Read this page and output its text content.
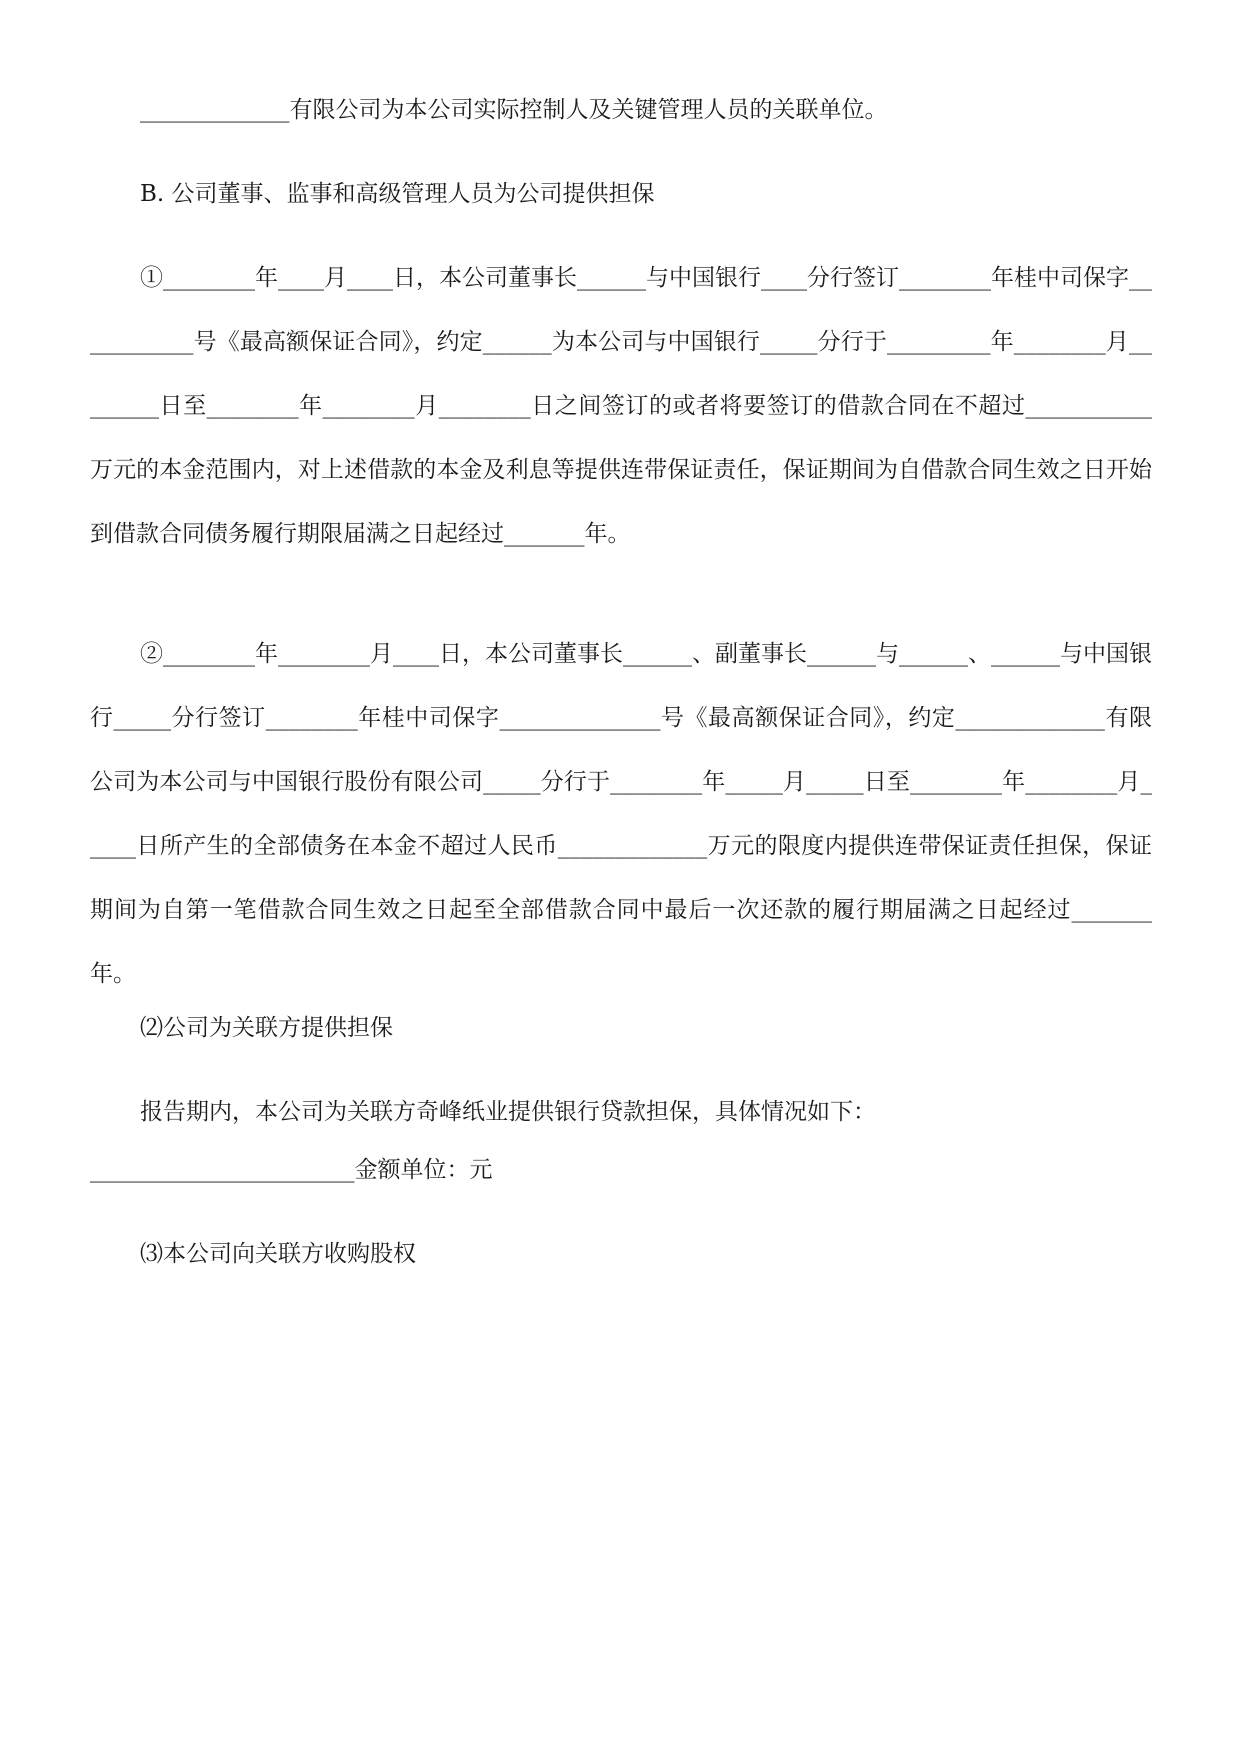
_____________有限公司为本公司实际控制人及关键管理人员的关联单位。

B. 公司董事、监事和高级管理人员为公司提供担保

①________年____月____日，本公司董事长______与中国银行____分行签订________年桂中司保字___________号《最高额保证合同》，约定______为本公司与中国银行_____分行于_________年________月________日至________年________月________日之间签订的或者将要签订的借款合同在不超过___________万元的本金范围内，对上述借款的本金及利息等提供连带保证责任，保证期间为自借款合同生效之日开始到借款合同债务履行期限届满之日起经过_______年。

②________年________月____日，本公司董事长______、副董事长______与______、______与中国银行_____分行签订________年桂中司保字______________号《最高额保证合同》，约定_____________有限公司为本公司与中国银行股份有限公司_____分行于________年_____月_____日至________年________月_____日所产生的全部债务在本金不超过人民币_____________万元的限度内提供连带保证责任担保，保证期间为自第一笔借款合同生效之日起至全部借款合同中最后一次还款的履行期届满之日起经过_______年。

⑵公司为关联方提供担保

报告期内，本公司为关联方奇峰纸业提供银行贷款担保，具体情况如下：

_______________________金额单位：元

⑶本公司向关联方收购股权
